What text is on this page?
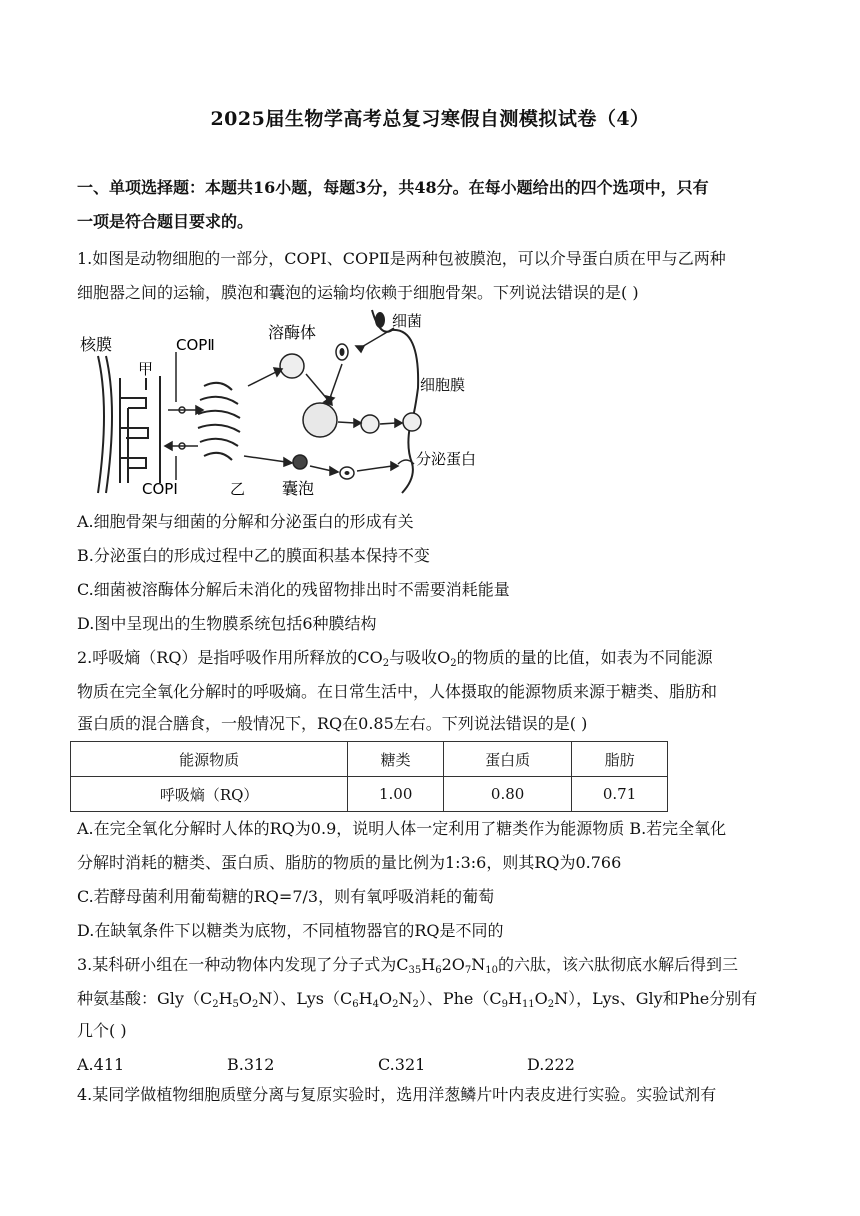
2025届生物学高考总复习寒假自测模拟试卷（4）
一、单项选择题：本题共16小题，每题3分，共48分。在每小题给出的四个选项中，只有
一项是符合题目要求的。
1.如图是动物细胞的一部分，COPI、COPⅡ是两种包被膜泡，可以介导蛋白质在甲与乙两种
细胞器之间的运输，膜泡和囊泡的运输均依赖于细胞骨架。下列说法错误的是( )
核膜
甲
COPⅡ
COPⅠ	乙
溶酶体
细菌
细胞膜
囊泡
分泌蛋白
A.细胞骨架与细菌的分解和分泌蛋白的形成有关
B.分泌蛋白的形成过程中乙的膜面积基本保持不变
C.细菌被溶酶体分解后未消化的残留物排出时不需要消耗能量
D.图中呈现出的生物膜系统包括6种膜结构
2.呼吸熵（RQ）是指呼吸作用所释放的$CO_2$与吸收$O_2$的物质的量的比值，如表为不同能源
物质在完全氧化分解时的呼吸熵。在日常生活中，人体摄取的能源物质来源于糖类、脂肪和
蛋白质的混合膳食，一般情况下，RQ在0.85左右。下列说法错误的是( )
能源物质	糖类	蛋白质	脂肪
呼吸熵（RQ）	1.00	0.80	0.71
A.在完全氧化分解时人体的RQ为0.9，说明人体一定利用了糖类作为能源物质 B.若完全氧化
分解时消耗的糖类、蛋白质、脂肪的物质的量比例为1:3:6，则其RQ为0.766
C.若酵母菌利用葡萄糖的RQ=7/3，则有氧呼吸消耗的葡萄
D.在缺氧条件下以糖类为底物，不同植物器官的RQ是不同的
3.某科研小组在一种动物体内发现了分子式为$C_{35}H_62O_7N_{10}$的六肽，该六肽彻底水解后得到三
种氨基酸：$Gly(C_2H_5O_2N)$、$Lys(C_6H_4O_2N_2)$、$Phe(C_9H_{11}O_2N)$，Lys、Gly和Phe分别有
几个( )
A.411	B.312	C.321	D.222
4.某同学做植物细胞质壁分离与复原实验时，选用洋葱鳞片叶内表皮进行实验。实验试剂有
